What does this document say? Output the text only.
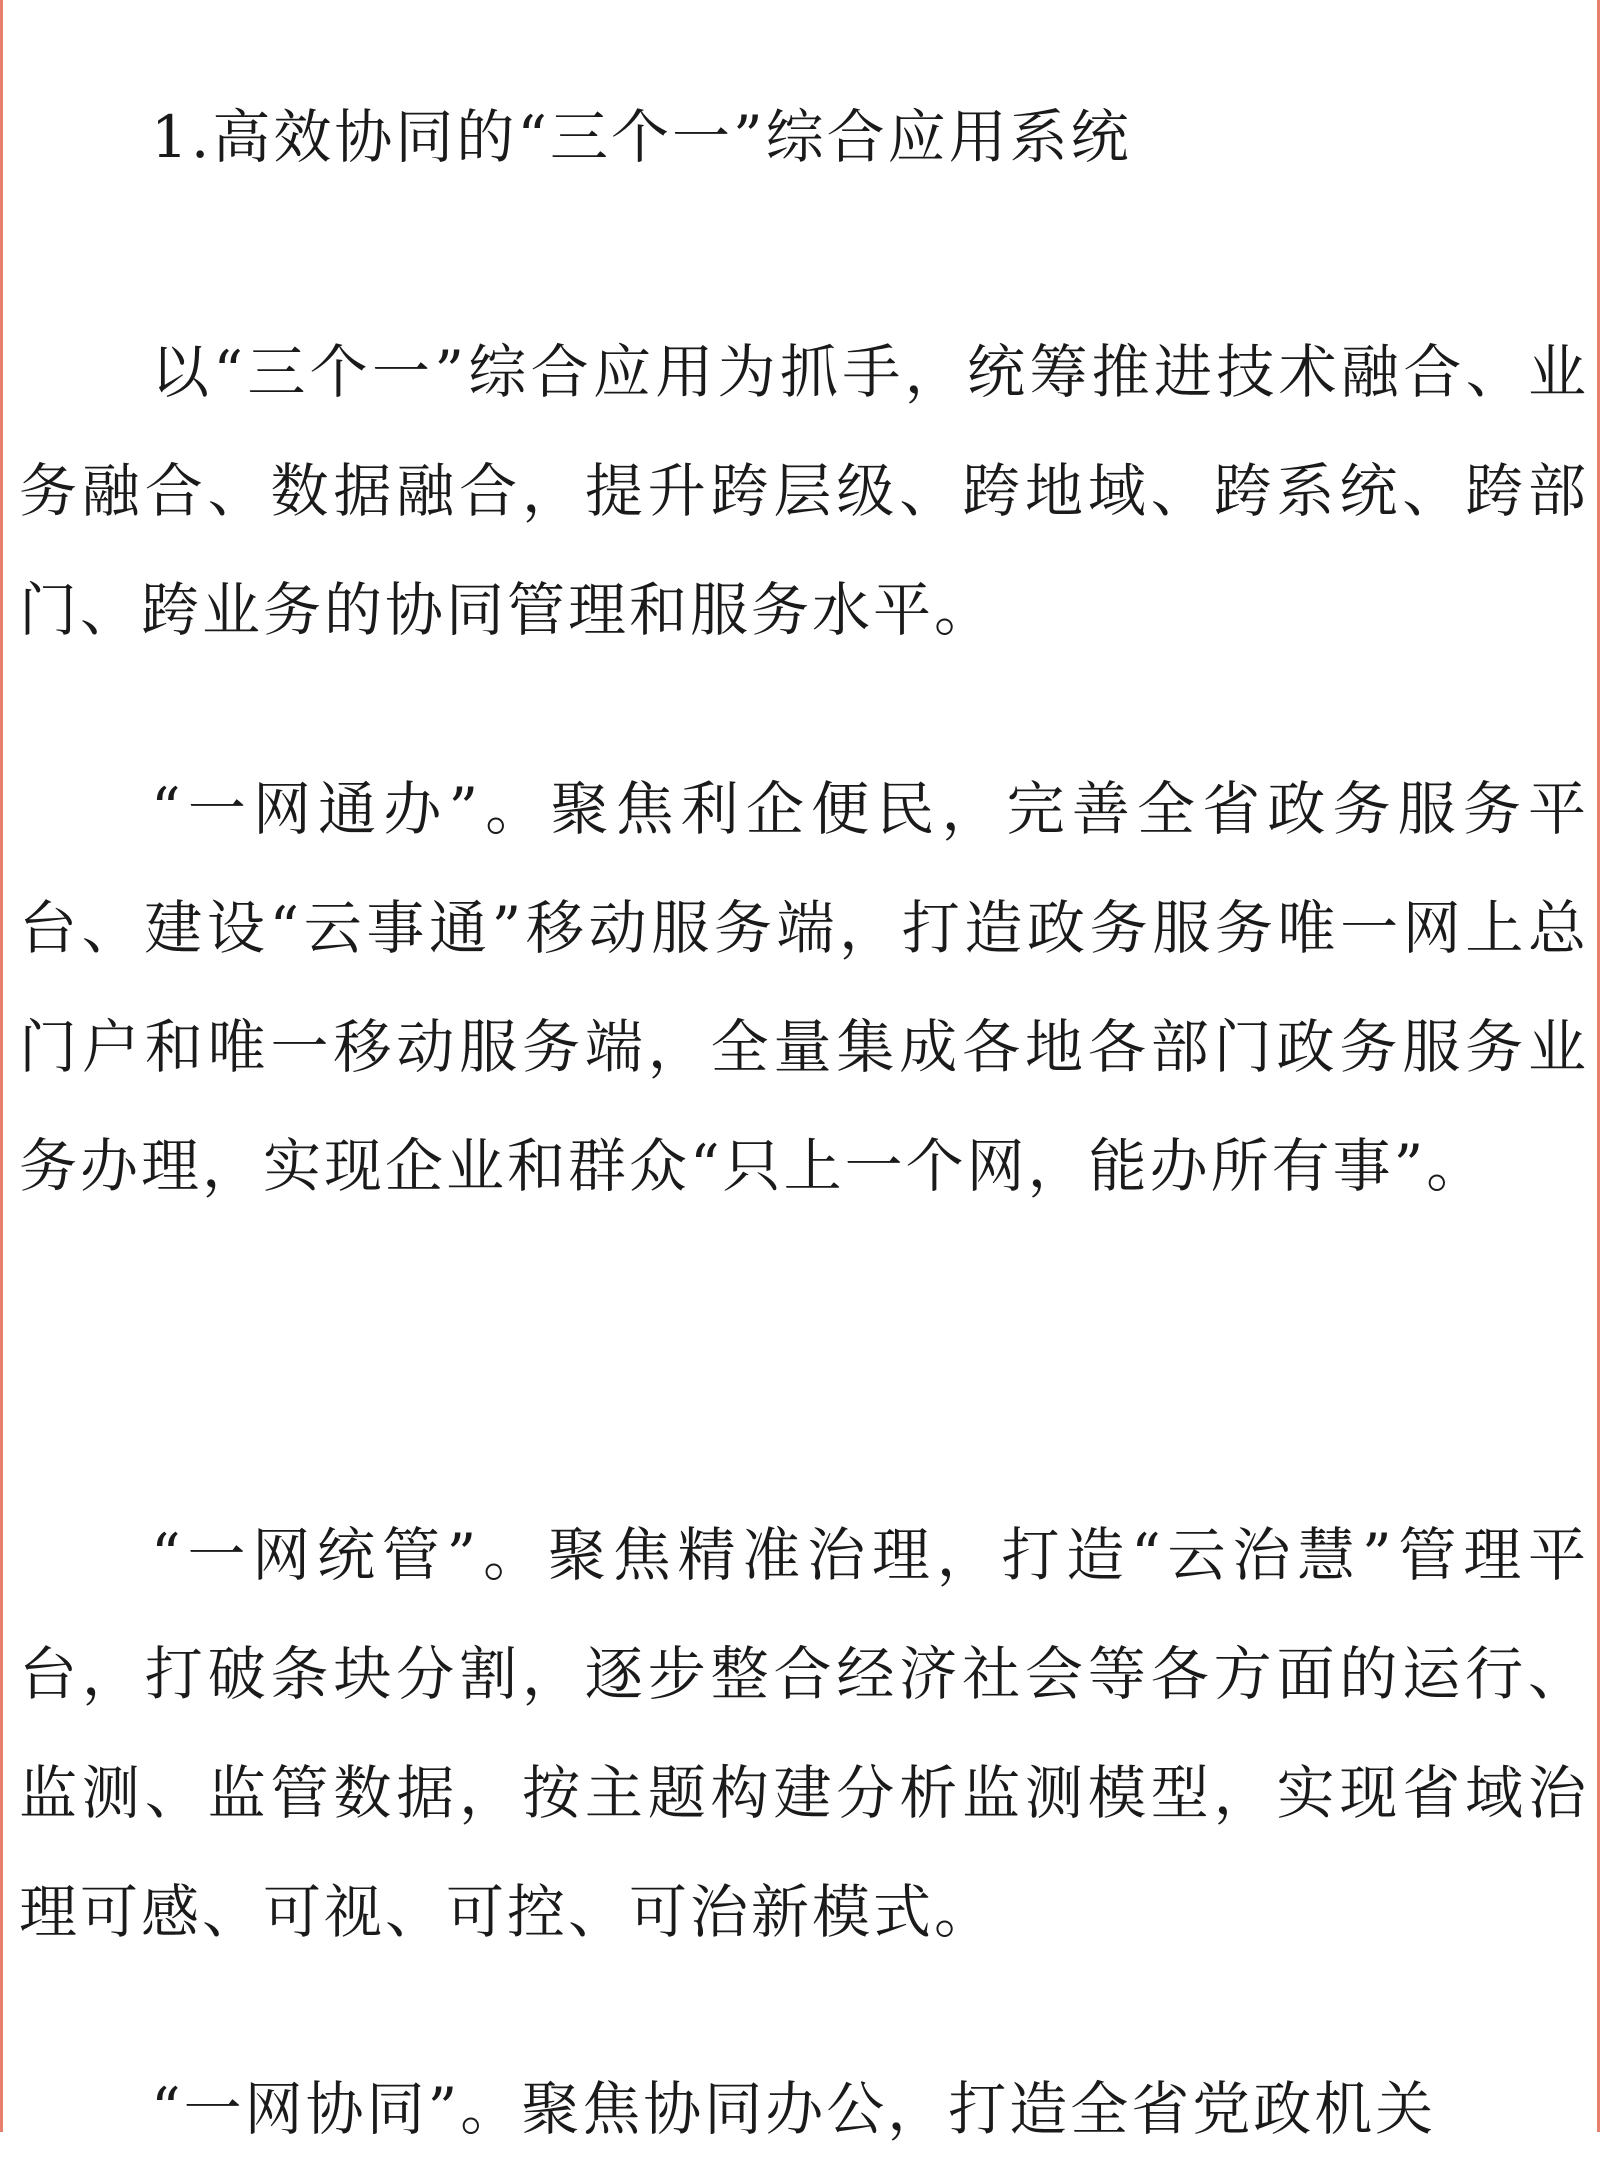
1.高效协同的“三个一”综合应用系统

以“三个一”综合应用为抓手，统筹推进技术融合、业务融合、数据融合，提升跨层级、跨地域、跨系统、跨部门、跨业务的协同管理和服务水平。

“一网通办”。聚焦利企便民，完善全省政务服务平台、建设“云事通”移动服务端，打造政务服务唯一网上总门户和唯一移动服务端，全量集成各地各部门政务服务业务办理，实现企业和群众“只上一个网，能办所有事”。

“一网统管”。聚焦精准治理，打造“云治慧”管理平台，打破条块分割，逐步整合经济社会等各方面的运行、监测、监管数据，按主题构建分析监测模型，实现省域治理可感、可视、可控、可治新模式。

“一网协同”。聚焦协同办公，打造全省党政机关
